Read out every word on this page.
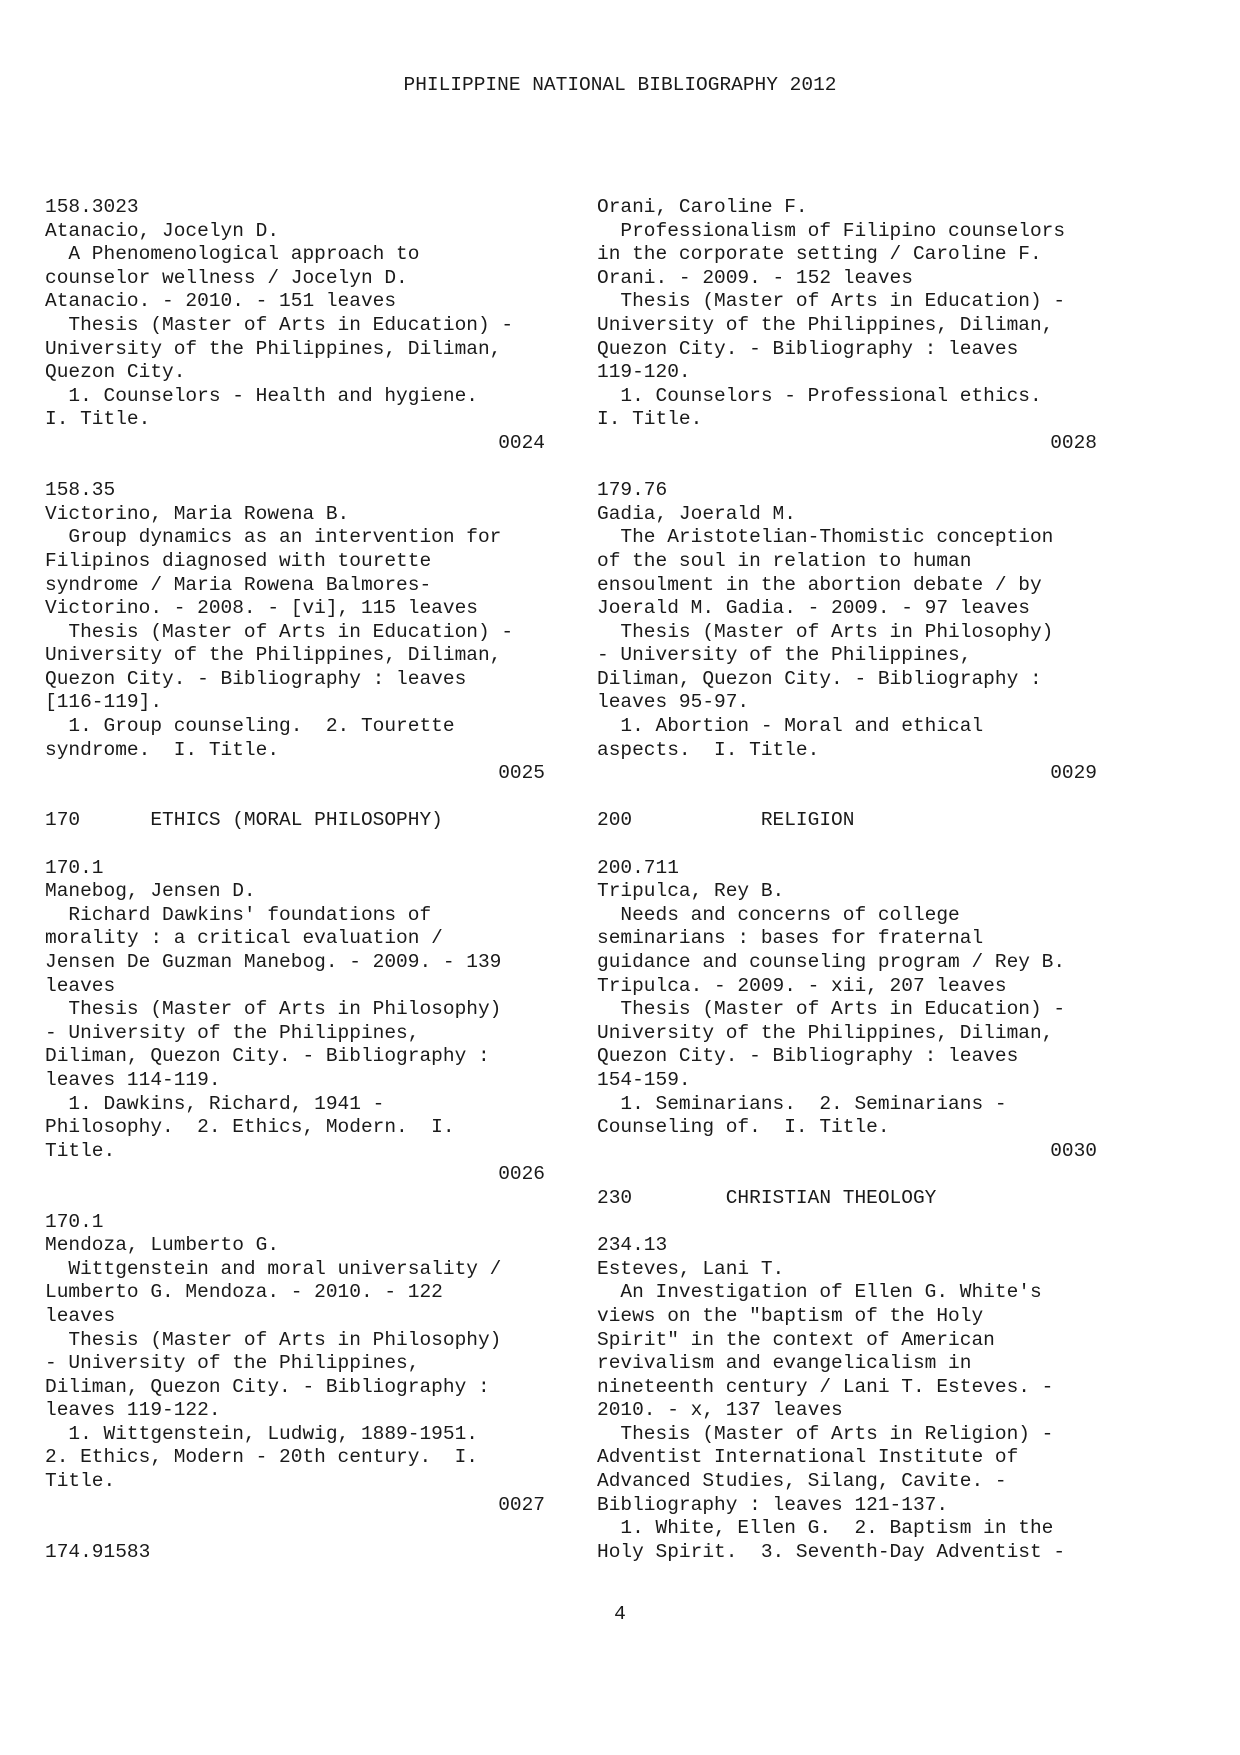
PHILIPPINE NATIONAL BIBLIOGRAPHY 2012
158.3023
Atanacio, Jocelyn D.
A Phenomenological approach to
counselor wellness / Jocelyn D.
Atanacio. - 2010. - 151 leaves
Thesis (Master of Arts in Education) -
University of the Philippines, Diliman,
Quezon City.
1. Counselors - Health and hygiene.
I. Title.
0024
158.35
Victorino, Maria Rowena B.
Group dynamics as an intervention for
Filipinos diagnosed with tourette
syndrome / Maria Rowena Balmores-
Victorino. - 2008. - [vi], 115 leaves
Thesis (Master of Arts in Education) -
University of the Philippines, Diliman,
Quezon City. - Bibliography : leaves
[116-119].
1. Group counseling.  2. Tourette
syndrome.  I. Title.
0025
170      ETHICS (MORAL PHILOSOPHY)
170.1
Manebog, Jensen D.
Richard Dawkins' foundations of
morality : a critical evaluation /
Jensen De Guzman Manebog. - 2009. - 139
leaves
Thesis (Master of Arts in Philosophy)
- University of the Philippines,
Diliman, Quezon City. - Bibliography :
leaves 114-119.
1. Dawkins, Richard, 1941 -
Philosophy.  2. Ethics, Modern.  I.
Title.
0026
170.1
Mendoza, Lumberto G.
Wittgenstein and moral universality /
Lumberto G. Mendoza. - 2010. - 122
leaves
Thesis (Master of Arts in Philosophy)
- University of the Philippines,
Diliman, Quezon City. - Bibliography :
leaves 119-122.
1. Wittgenstein, Ludwig, 1889-1951.
2. Ethics, Modern - 20th century.  I.
Title.
0027
174.91583
Orani, Caroline F.
Professionalism of Filipino counselors
in the corporate setting / Caroline F.
Orani. - 2009. - 152 leaves
Thesis (Master of Arts in Education) -
University of the Philippines, Diliman,
Quezon City. - Bibliography : leaves
119-120.
1. Counselors - Professional ethics.
I. Title.
0028
179.76
Gadia, Joerald M.
The Aristotelian-Thomistic conception
of the soul in relation to human
ensoulment in the abortion debate / by
Joerald M. Gadia. - 2009. - 97 leaves
Thesis (Master of Arts in Philosophy)
- University of the Philippines,
Diliman, Quezon City. - Bibliography :
leaves 95-97.
1. Abortion - Moral and ethical
aspects.  I. Title.
0029
200           RELIGION
200.711
Tripulca, Rey B.
Needs and concerns of college
seminarians : bases for fraternal
guidance and counseling program / Rey B.
Tripulca. - 2009. - xii, 207 leaves
Thesis (Master of Arts in Education) -
University of the Philippines, Diliman,
Quezon City. - Bibliography : leaves
154-159.
1. Seminarians.  2. Seminarians -
Counseling of.  I. Title.
0030
230        CHRISTIAN THEOLOGY
234.13
Esteves, Lani T.
An Investigation of Ellen G. White's
views on the "baptism of the Holy
Spirit" in the context of American
revivalism and evangelicalism in
nineteenth century / Lani T. Esteves. -
2010. - x, 137 leaves
Thesis (Master of Arts in Religion) -
Adventist International Institute of
Advanced Studies, Silang, Cavite. -
Bibliography : leaves 121-137.
1. White, Ellen G.  2. Baptism in the
Holy Spirit.  3. Seventh-Day Adventist -
4
